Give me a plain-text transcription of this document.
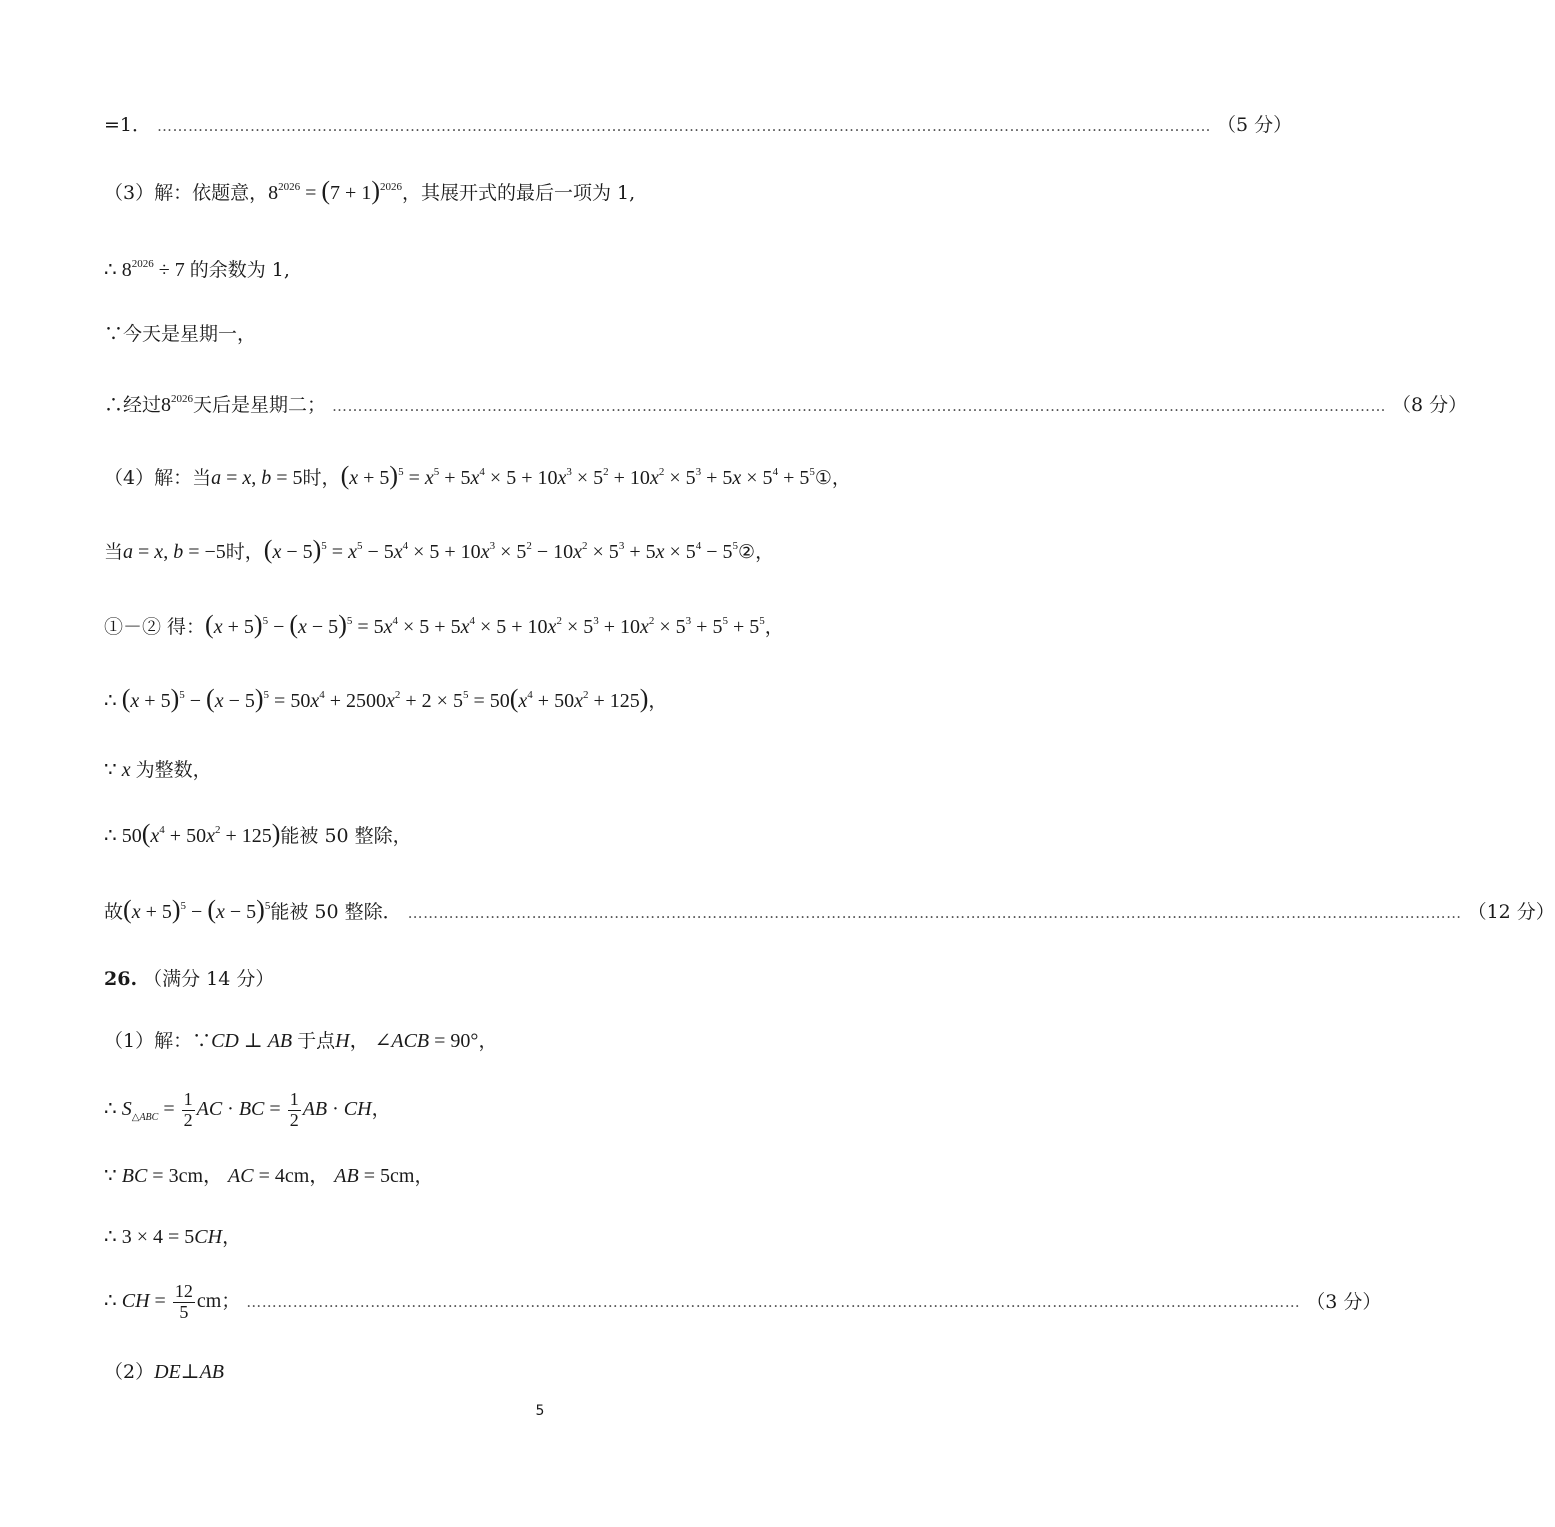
=1． …………………………………………………………………………………………………………………………………………………………………………………… （5 分）
（3）解：依题意，$8^{2026} = (7 + 1)^{2026}$，其展开式的最后一项为 1,
∴ $8^{2026} \div 7$ 的余数为 1,
∵今天是星期一，
∴经过$8^{2026}$天后是星期二； …………………………………………………………………………………………………………………………………………………………………………………… （8 分）
（4）解：当a = x, b = 5时，$(x + 5)^5 = x^5 + 5x^4 \times 5 + 10x^3 \times 5^2 + 10x^2 \times 5^3 + 5x \times 5^4$ + $5^5①$，
当a = x, b = −5时，$(x - 5)^5 = x^5 - 5x^4 \times 5 + 10x^3 \times 5^2 - 10x^2 \times 5^3 + 5x \times 5^4$ − $5^5②$，
①－② 得：$(x + 5)^5 - (x - 5)^5 = 5x^4 \times 5 + 5x^4 \times 5 + 10x^2 \times 5^3 + 10x^2 \times 5^3 + 5^5 + 5^5$，
∴ $(x + 5)^5 - (x - 5)^5 = 50x^4 + 2500x^2 + 2 \times 5^5 = 50(x^4 + 50x^2 + 125)$，
∵ x 为整数，
∴ $50(x^4 + 50x^2 + 125)$能被 50 整除，
故$(x + 5)^5 - (x - 5)^5$能被 50 整除． …………………………………………………………………………………………………………………………………………………………………………………… （12 分）
26. （满分 14 分）
（1）解：∵CD ⊥ AB 于点H， ∠ACB = 90°，
∴ $S_{\triangle ABC} = \frac{1}{2}$ AC · BC = $\frac{1}{2}$ AB · CH，
∵ BC = 3cm， AC = 4cm， AB = 5cm，
∴ 3 × 4 = 5CH，
∴ CH = $\frac{12}{5}$ cm； …………………………………………………………………………………………………………………………………………………………………………………… （3 分）
（2）DE⊥AB
5
